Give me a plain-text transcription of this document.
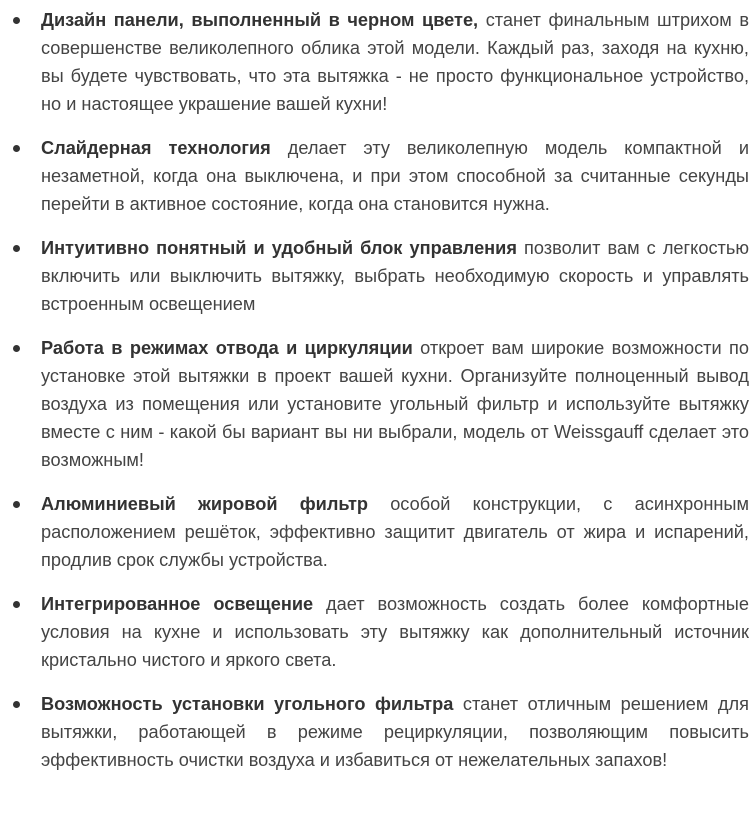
Дизайн панели, выполненный в черном цвете, станет финальным штрихом в совершенстве великолепного облика этой модели. Каждый раз, заходя на кухню, вы будете чувствовать, что эта вытяжка - не просто функциональное устройство, но и настоящее украшение вашей кухни!
Слайдерная технология делает эту великолепную модель компактной и незаметной, когда она выключена, и при этом способной за считанные секунды перейти в активное состояние, когда она становится нужна.
Интуитивно понятный и удобный блок управления позволит вам с легкостью включить или выключить вытяжку, выбрать необходимую скорость и управлять встроенным освещением
Работа в режимах отвода и циркуляции откроет вам широкие возможности по установке этой вытяжки в проект вашей кухни. Организуйте полноценный вывод воздуха из помещения или установите угольный фильтр и используйте вытяжку вместе с ним - какой бы вариант вы ни выбрали, модель от Weissgauff сделает это возможным!
Алюминиевый жировой фильтр особой конструкции, с асинхронным расположением решёток, эффективно защитит двигатель от жира и испарений, продлив срок службы устройства.
Интегрированное освещение дает возможность создать более комфортные условия на кухне и использовать эту вытяжку как дополнительный источник кристально чистого и яркого света.
Возможность установки угольного фильтра станет отличным решением для вытяжки, работающей в режиме рециркуляции, позволяющим повысить эффективность очистки воздуха и избавиться от нежелательных запахов!
